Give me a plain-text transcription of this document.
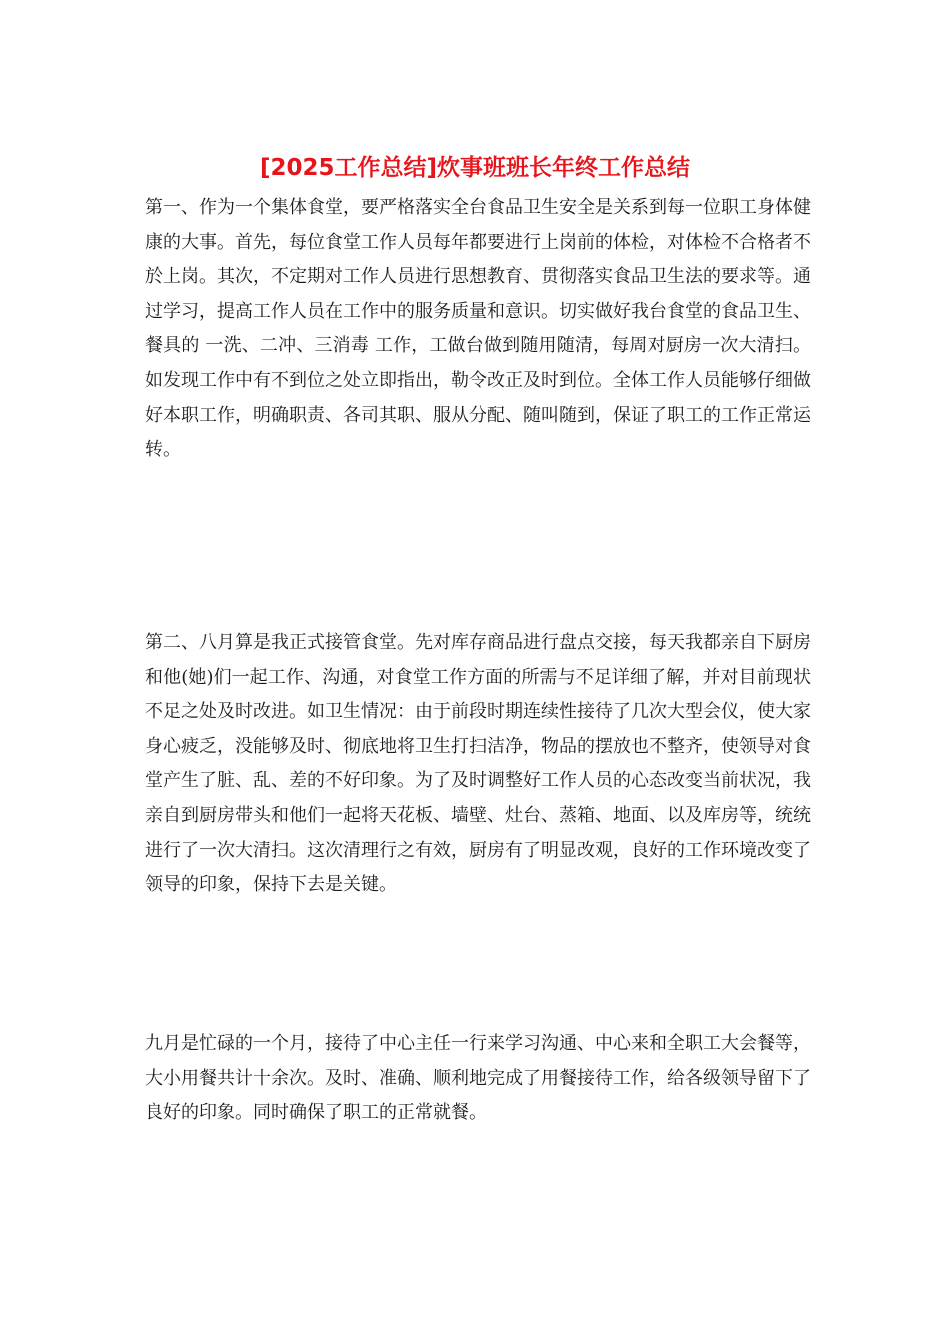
[2025工作总结]炊事班班长年终工作总结

第一、作为一个集体食堂，要严格落实全台食品卫生安全是关系到每一位职工身体健康的大事。首先，每位食堂工作人员每年都要进行上岗前的体检，对体检不合格者不於上岗。其次，不定期对工作人员进行思想教育、贯彻落实食品卫生法的要求等。通过学习，提高工作人员在工作中的服务质量和意识。切实做好我台食堂的食品卫生、餐具的 一洗、二冲、三消毒 工作，工做台做到随用随清，每周对厨房一次大清扫。如发现工作中有不到位之处立即指出，勒令改正及时到位。全体工作人员能够仔细做好本职工作，明确职责、各司其职、服从分配、随叫随到，保证了职工的工作正常运转。

第二、八月算是我正式接管食堂。先对库存商品进行盘点交接，每天我都亲自下厨房和他(她)们一起工作、沟通，对食堂工作方面的所需与不足详细了解，并对目前现状不足之处及时改进。如卫生情况：由于前段时期连续性接待了几次大型会仪，使大家身心疲乏，没能够及时、彻底地将卫生打扫洁净，物品的摆放也不整齐，使领导对食堂产生了脏、乱、差的不好印象。为了及时调整好工作人员的心态改变当前状况，我亲自到厨房带头和他们一起将天花板、墙壁、灶台、蒸箱、地面、以及库房等，统统进行了一次大清扫。这次清理行之有效，厨房有了明显改观，良好的工作环境改变了领导的印象，保持下去是关键。

九月是忙碌的一个月，接待了中心主任一行来学习沟通、中心来和全职工大会餐等，大小用餐共计十余次。及时、准确、顺利地完成了用餐接待工作，给各级领导留下了良好的印象。同时确保了职工的正常就餐。
